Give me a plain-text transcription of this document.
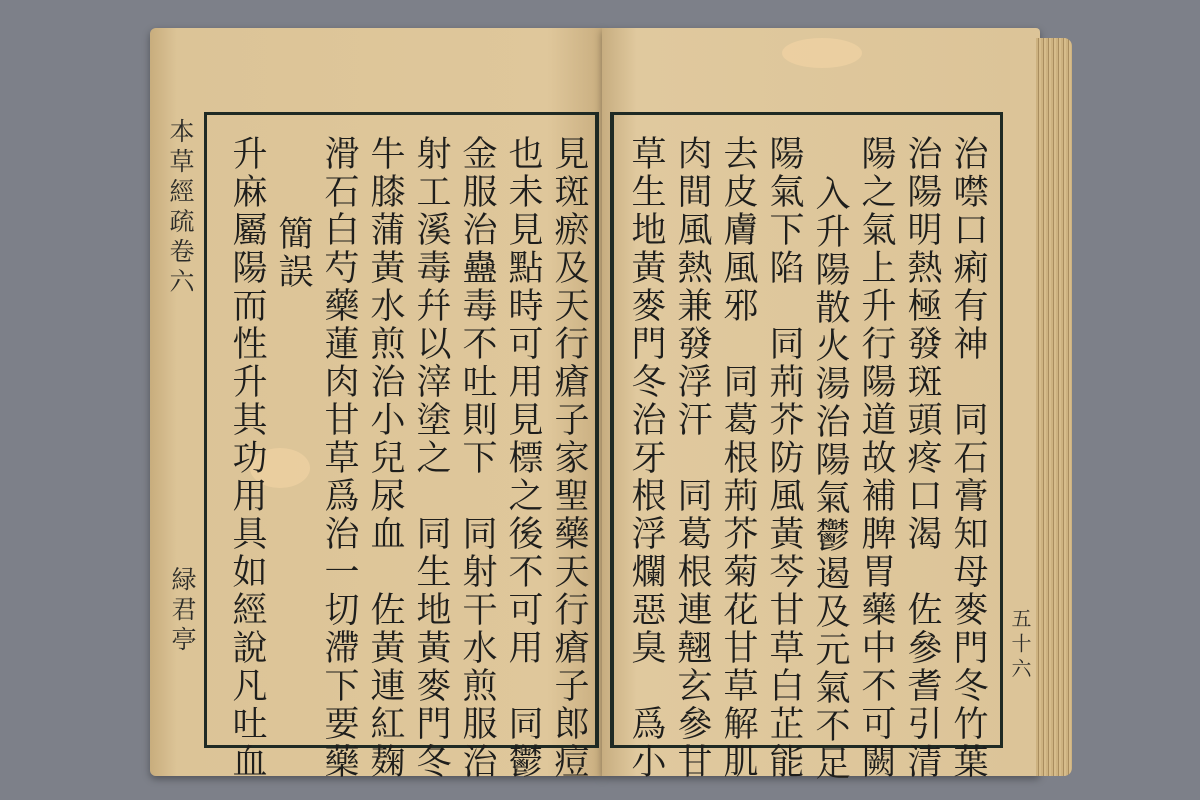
本草經疏卷六
緑君亭	見斑瘀及天行瘡子家聖藥天行瘡子郎痘
也未見點時可用見標之後不可用　同鬱
金服治蠱毒不吐則下　同射干水煎服治
射工溪毒幷以滓塗之　同生地黃麥門冬
牛膝蒲黃水煎治小兒尿血　佐黃連紅麹
滑石白芍藥蓮肉甘草爲治一切滯下要藥
簡誤
升麻屬陽而性升其功用具如經說凡吐血	治噤口痢有神　同石膏知母麥門冬竹葉
治陽明熱極發斑頭疼口渴　佐參耆引清
陽之氣上升行陽道故補脾胃藥中不可闕
入升陽散火湯治陽氣鬱遏及元氣不足
陽氣下陷　同荊芥防風黃芩甘草白芷能
去皮膚風邪　同葛根荊芥菊花甘草解肌
肉間風熱兼發浮汗　同葛根連翹玄參甘
草生地黃麥門冬治牙根浮爛惡臭　爲小	五十六
